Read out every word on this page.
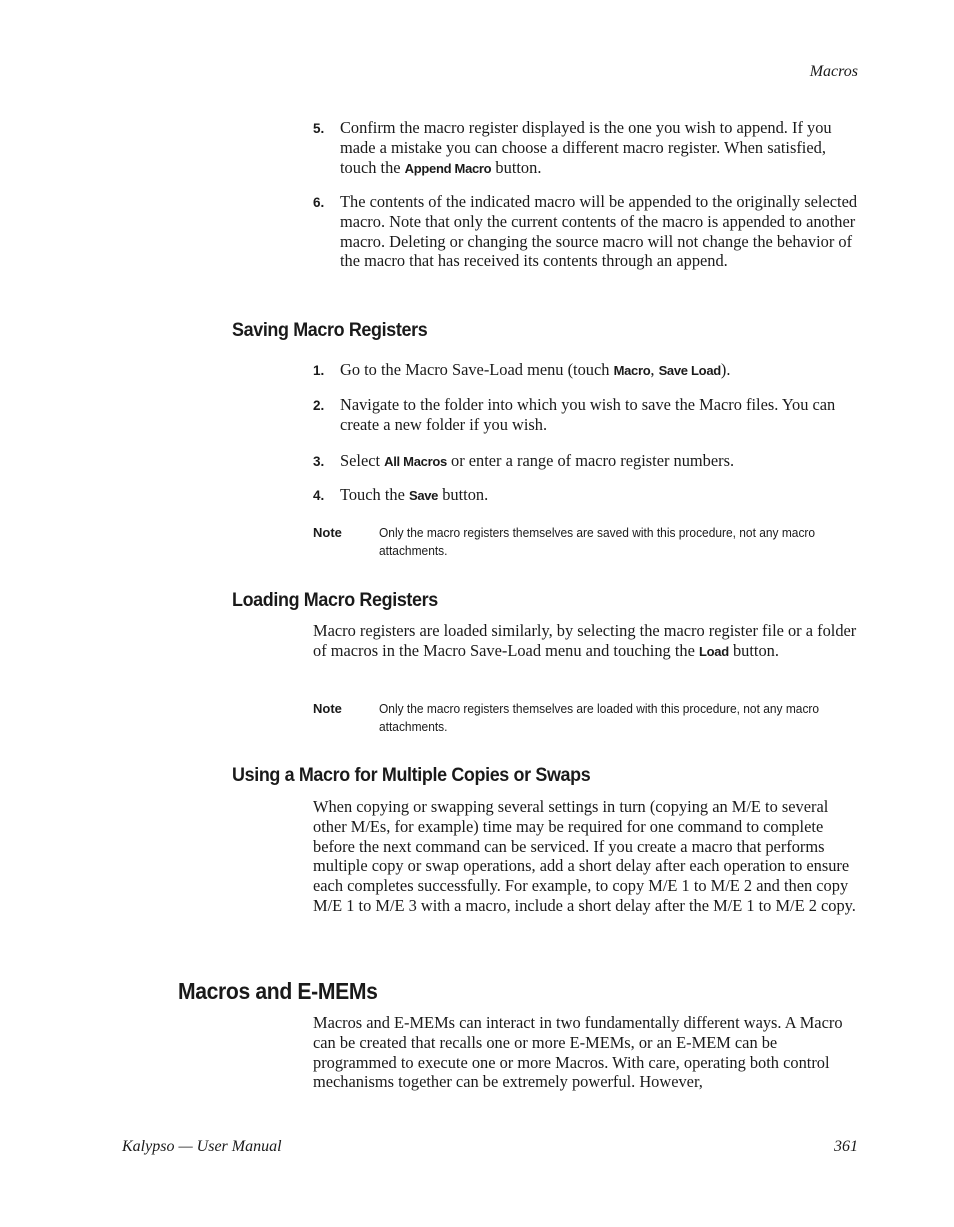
Macros
5. Confirm the macro register displayed is the one you wish to append. If you made a mistake you can choose a different macro register. When satisfied, touch the Append Macro button.
6. The contents of the indicated macro will be appended to the originally selected macro. Note that only the current contents of the macro is appended to another macro. Deleting or changing the source macro will not change the behavior of the macro that has received its contents through an append.
Saving Macro Registers
1. Go to the Macro Save-Load menu (touch Macro, Save Load).
2. Navigate to the folder into which you wish to save the Macro files. You can create a new folder if you wish.
3. Select All Macros or enter a range of macro register numbers.
4. Touch the Save button.
Note	Only the macro registers themselves are saved with this procedure, not any macro attachments.
Loading Macro Registers
Macro registers are loaded similarly, by selecting the macro register file or a folder of macros in the Macro Save-Load menu and touching the Load button.
Note	Only the macro registers themselves are loaded with this procedure, not any macro attachments.
Using a Macro for Multiple Copies or Swaps
When copying or swapping several settings in turn (copying an M/E to several other M/Es, for example) time may be required for one command to complete before the next command can be serviced. If you create a macro that performs multiple copy or swap operations, add a short delay after each operation to ensure each completes successfully. For example, to copy M/E 1 to M/E 2 and then copy M/E 1 to M/E 3 with a macro, include a short delay after the M/E 1 to M/E 2 copy.
Macros and E-MEMs
Macros and E-MEMs can interact in two fundamentally different ways. A Macro can be created that recalls one or more E-MEMs, or an E-MEM can be programmed to execute one or more Macros. With care, operating both control mechanisms together can be extremely powerful. However,
Kalypso — User Manual	361
